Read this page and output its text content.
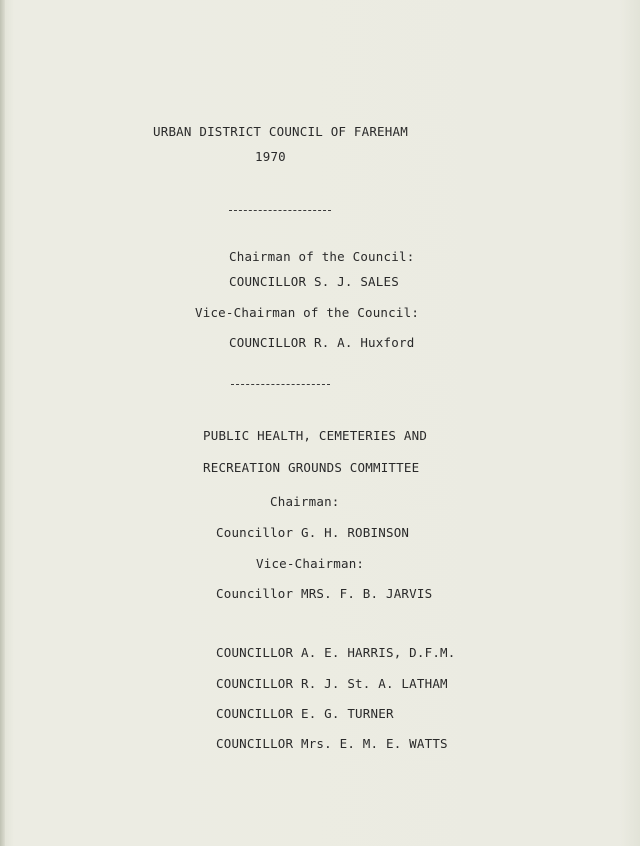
URBAN DISTRICT COUNCIL OF FAREHAM
1970
Chairman of the Council:
COUNCILLOR S. J. SALES
Vice-Chairman of the Council:
COUNCILLOR R. A. Huxford
PUBLIC HEALTH, CEMETERIES AND
RECREATION GROUNDS COMMITTEE
Chairman:
Councillor G. H. ROBINSON
Vice-Chairman:
Councillor MRS. F. B. JARVIS
COUNCILLOR A. E. HARRIS, D.F.M.
COUNCILLOR R. J. St. A. LATHAM
COUNCILLOR E. G. TURNER
COUNCILLOR Mrs. E. M. E. WATTS
